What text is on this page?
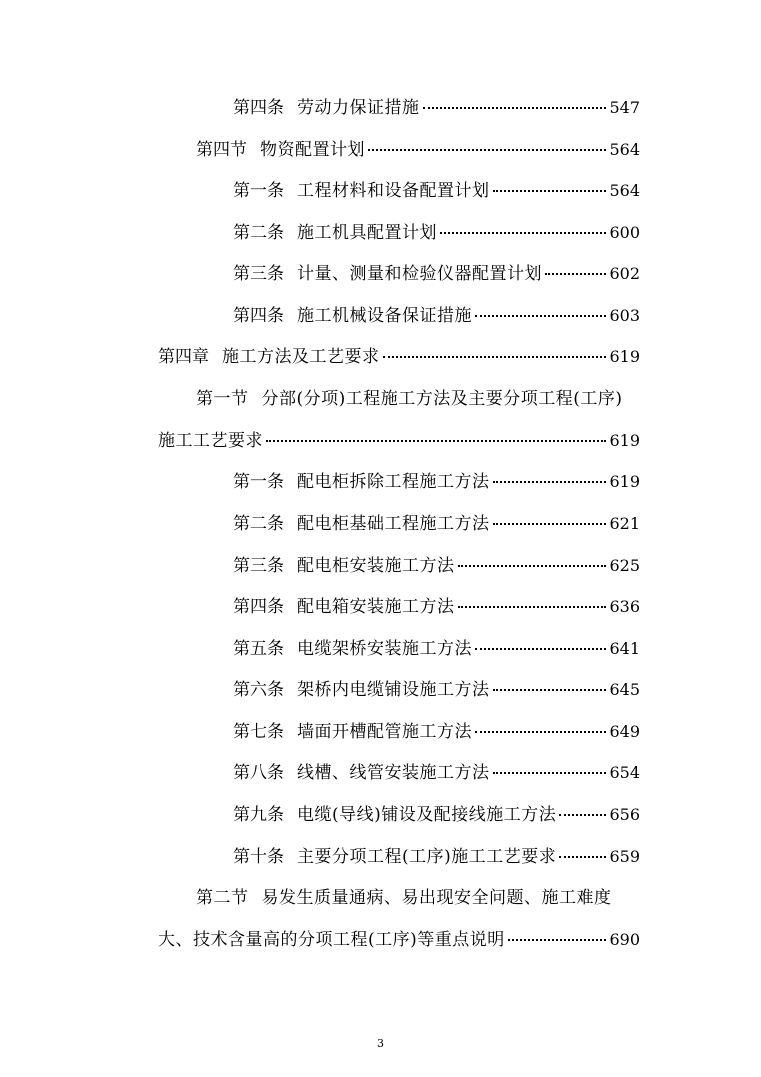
第四条 劳动力保证措施	547
第四节 物资配置计划	564
第一条 工程材料和设备配置计划	564
第二条 施工机具配置计划	600
第三条 计量、测量和检验仪器配置计划	602
第四条 施工机械设备保证措施	603
第四章 施工方法及工艺要求	619
第一节 分部(分项)工程施工方法及主要分项工程(工序)
施工工艺要求	619
第一条 配电柜拆除工程施工方法	619
第二条 配电柜基础工程施工方法	621
第三条 配电柜安装施工方法	625
第四条 配电箱安装施工方法	636
第五条 电缆架桥安装施工方法	641
第六条 架桥内电缆铺设施工方法	645
第七条 墙面开槽配管施工方法	649
第八条 线槽、线管安装施工方法	654
第九条 电缆(导线)铺设及配接线施工方法	656
第十条 主要分项工程(工序)施工工艺要求	659
第二节 易发生质量通病、易出现安全问题、施工难度
大、技术含量高的分项工程(工序)等重点说明	690
3
